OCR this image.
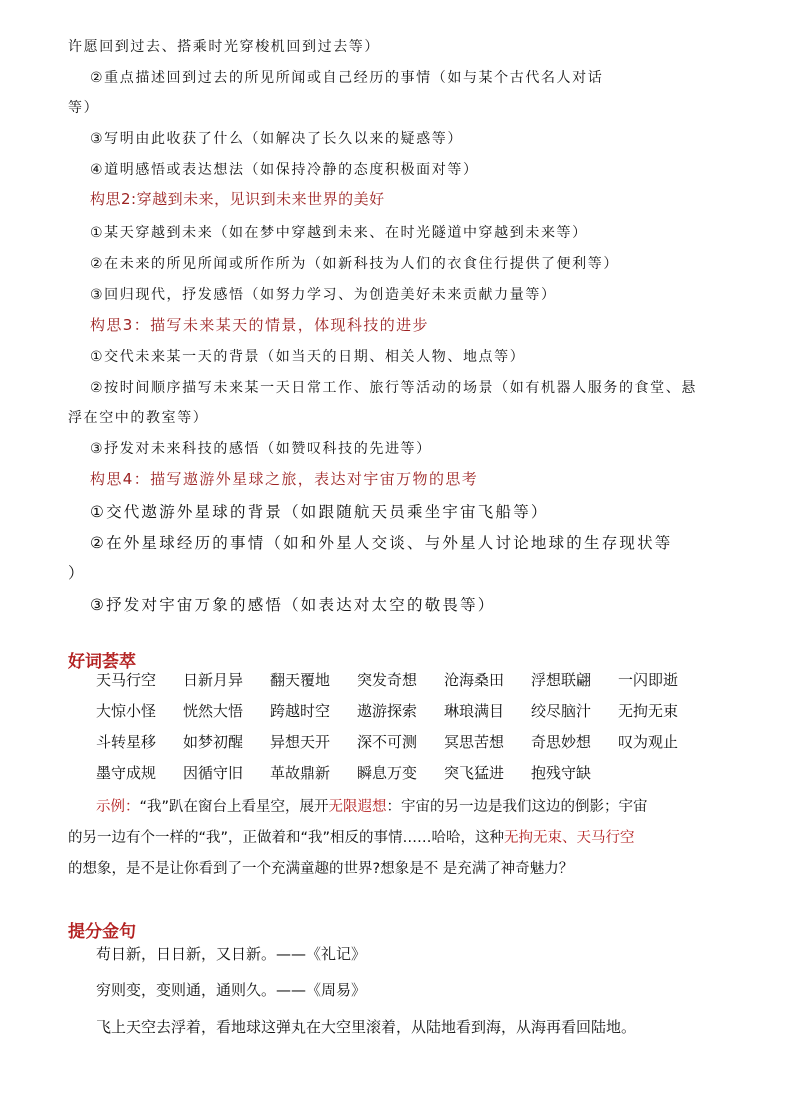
许愿回到过去、搭乘时光穿梭机回到过去等）
②重点描述回到过去的所见所闻或自己经历的事情（如与某个古代名人对话
等）
③写明由此收获了什么（如解决了长久以来的疑惑等）
④道明感悟或表达想法（如保持冷静的态度积极面对等）
构思2:穿越到未来，见识到未来世界的美好
①某天穿越到未来（如在梦中穿越到未来、在时光隧道中穿越到未来等）
②在未来的所见所闻或所作所为（如新科技为人们的衣食住行提供了便利等）
③回归现代，抒发感悟（如努力学习、为创造美好未来贡献力量等）
构思3：描写未来某天的情景，体现科技的进步
①交代未来某一天的背景（如当天的日期、相关人物、地点等）
②按时间顺序描写未来某一天日常工作、旅行等活动的场景（如有机器人服务的食堂、悬
浮在空中的教室等）
③抒发对未来科技的感悟（如赞叹科技的先进等）
构思4：描写遨游外星球之旅，表达对宇宙万物的思考
①交代遨游外星球的背景（如跟随航天员乘坐宇宙飞船等）
②在外星球经历的事情（如和外星人交谈、与外星人讨论地球的生存现状等
）
③抒发对宇宙万象的感悟（如表达对太空的敬畏等）
好词荟萃
天马行空	日新月异	翻天覆地	突发奇想	沧海桑田	浮想联翩	一闪即逝
大惊小怪	恍然大悟	跨越时空	遨游探索	琳琅满目	绞尽脑汁	无拘无束
斗转星移	如梦初醒	异想天开	深不可测	冥思苦想	奇思妙想	叹为观止
墨守成规	因循守旧	革故鼎新	瞬息万变	突飞猛进	抱残守缺
示例：“我”趴在窗台上看星空，展开无限遐想：宇宙的另一边是我们这边的倒影；宇宙
的另一边有个一样的“我”，正做着和“我”相反的事情……哈哈，这种无拘无束、天马行空
的想象，是不是让你看到了一个充满童趣的世界?想象是不 是充满了神奇魅力？
提分金句
苟日新，日日新，又日新。——《礼记》
穷则变，变则通，通则久。——《周易》
飞上天空去浮着，看地球这弹丸在大空里滚着，从陆地看到海，从海再看回陆地。
